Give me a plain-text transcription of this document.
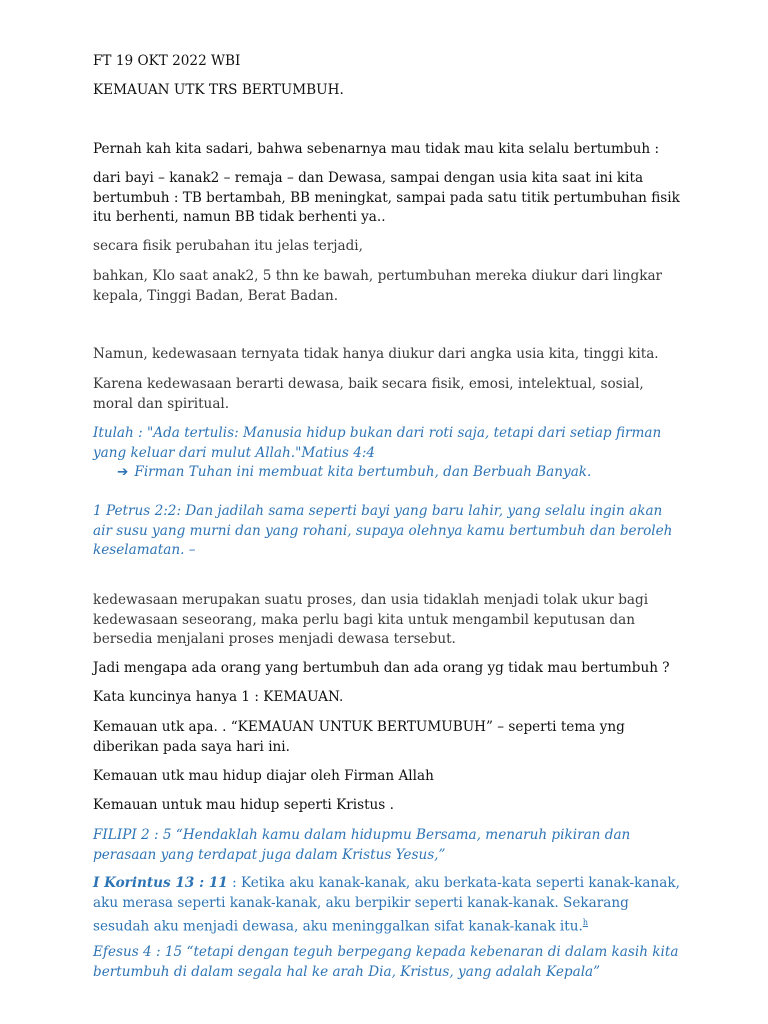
FT 19 OKT 2022 WBI

KEMAUAN UTK TRS BERTUMBUH.

Pernah kah kita sadari, bahwa sebenarnya mau tidak mau kita selalu bertumbuh :

dari bayi – kanak2 – remaja – dan Dewasa, sampai dengan usia kita saat ini kita bertumbuh : TB bertambah, BB meningkat, sampai pada satu titik pertumbuhan fisik itu berhenti, namun BB tidak berhenti ya..

secara fisik perubahan itu jelas terjadi,

bahkan, Klo saat anak2, 5 thn ke bawah, pertumbuhan mereka diukur dari lingkar kepala, Tinggi Badan, Berat Badan.

Namun, kedewasaan ternyata tidak hanya diukur dari angka usia kita, tinggi kita.

Karena kedewasaan berarti dewasa, baik secara fisik, emosi, intelektual, sosial, moral dan spiritual.

Itulah : "Ada tertulis: Manusia hidup bukan dari roti saja, tetapi dari setiap firman yang keluar dari mulut Allah."Matius 4:4

➔ Firman Tuhan ini membuat kita bertumbuh, dan Berbuah Banyak.

1 Petrus 2:2: Dan jadilah sama seperti bayi yang baru lahir, yang selalu ingin akan air susu yang murni dan yang rohani, supaya olehnya kamu bertumbuh dan beroleh keselamatan. –

kedewasaan merupakan suatu proses, dan usia tidaklah menjadi tolak ukur bagi kedewasaan seseorang, maka perlu bagi kita untuk mengambil keputusan dan bersedia menjalani proses menjadi dewasa tersebut.

Jadi mengapa ada orang yang bertumbuh dan ada orang yg tidak mau bertumbuh ?

Kata kuncinya hanya 1 : KEMAUAN.

Kemauan utk apa. . “KEMAUAN UNTUK BERTUMUBUH” – seperti tema yng diberikan pada saya hari ini.

Kemauan utk mau hidup diajar oleh Firman Allah

Kemauan untuk mau hidup seperti Kristus .

FILIPI 2 : 5 “Hendaklah kamu dalam hidupmu Bersama, menaruh pikiran dan perasaan yang terdapat juga dalam Kristus Yesus,”

I Korintus 13 : 11 : Ketika aku kanak-kanak, aku berkata-kata seperti kanak-kanak, aku merasa seperti kanak-kanak, aku berpikir seperti kanak-kanak. Sekarang sesudah aku menjadi dewasa, aku meninggalkan sifat kanak-kanak itu.$^h$

Efesus 4 : 15 “tetapi dengan teguh berpegang kepada kebenaran di dalam kasih kita bertumbuh di dalam segala hal ke arah Dia, Kristus, yang adalah Kepala”
